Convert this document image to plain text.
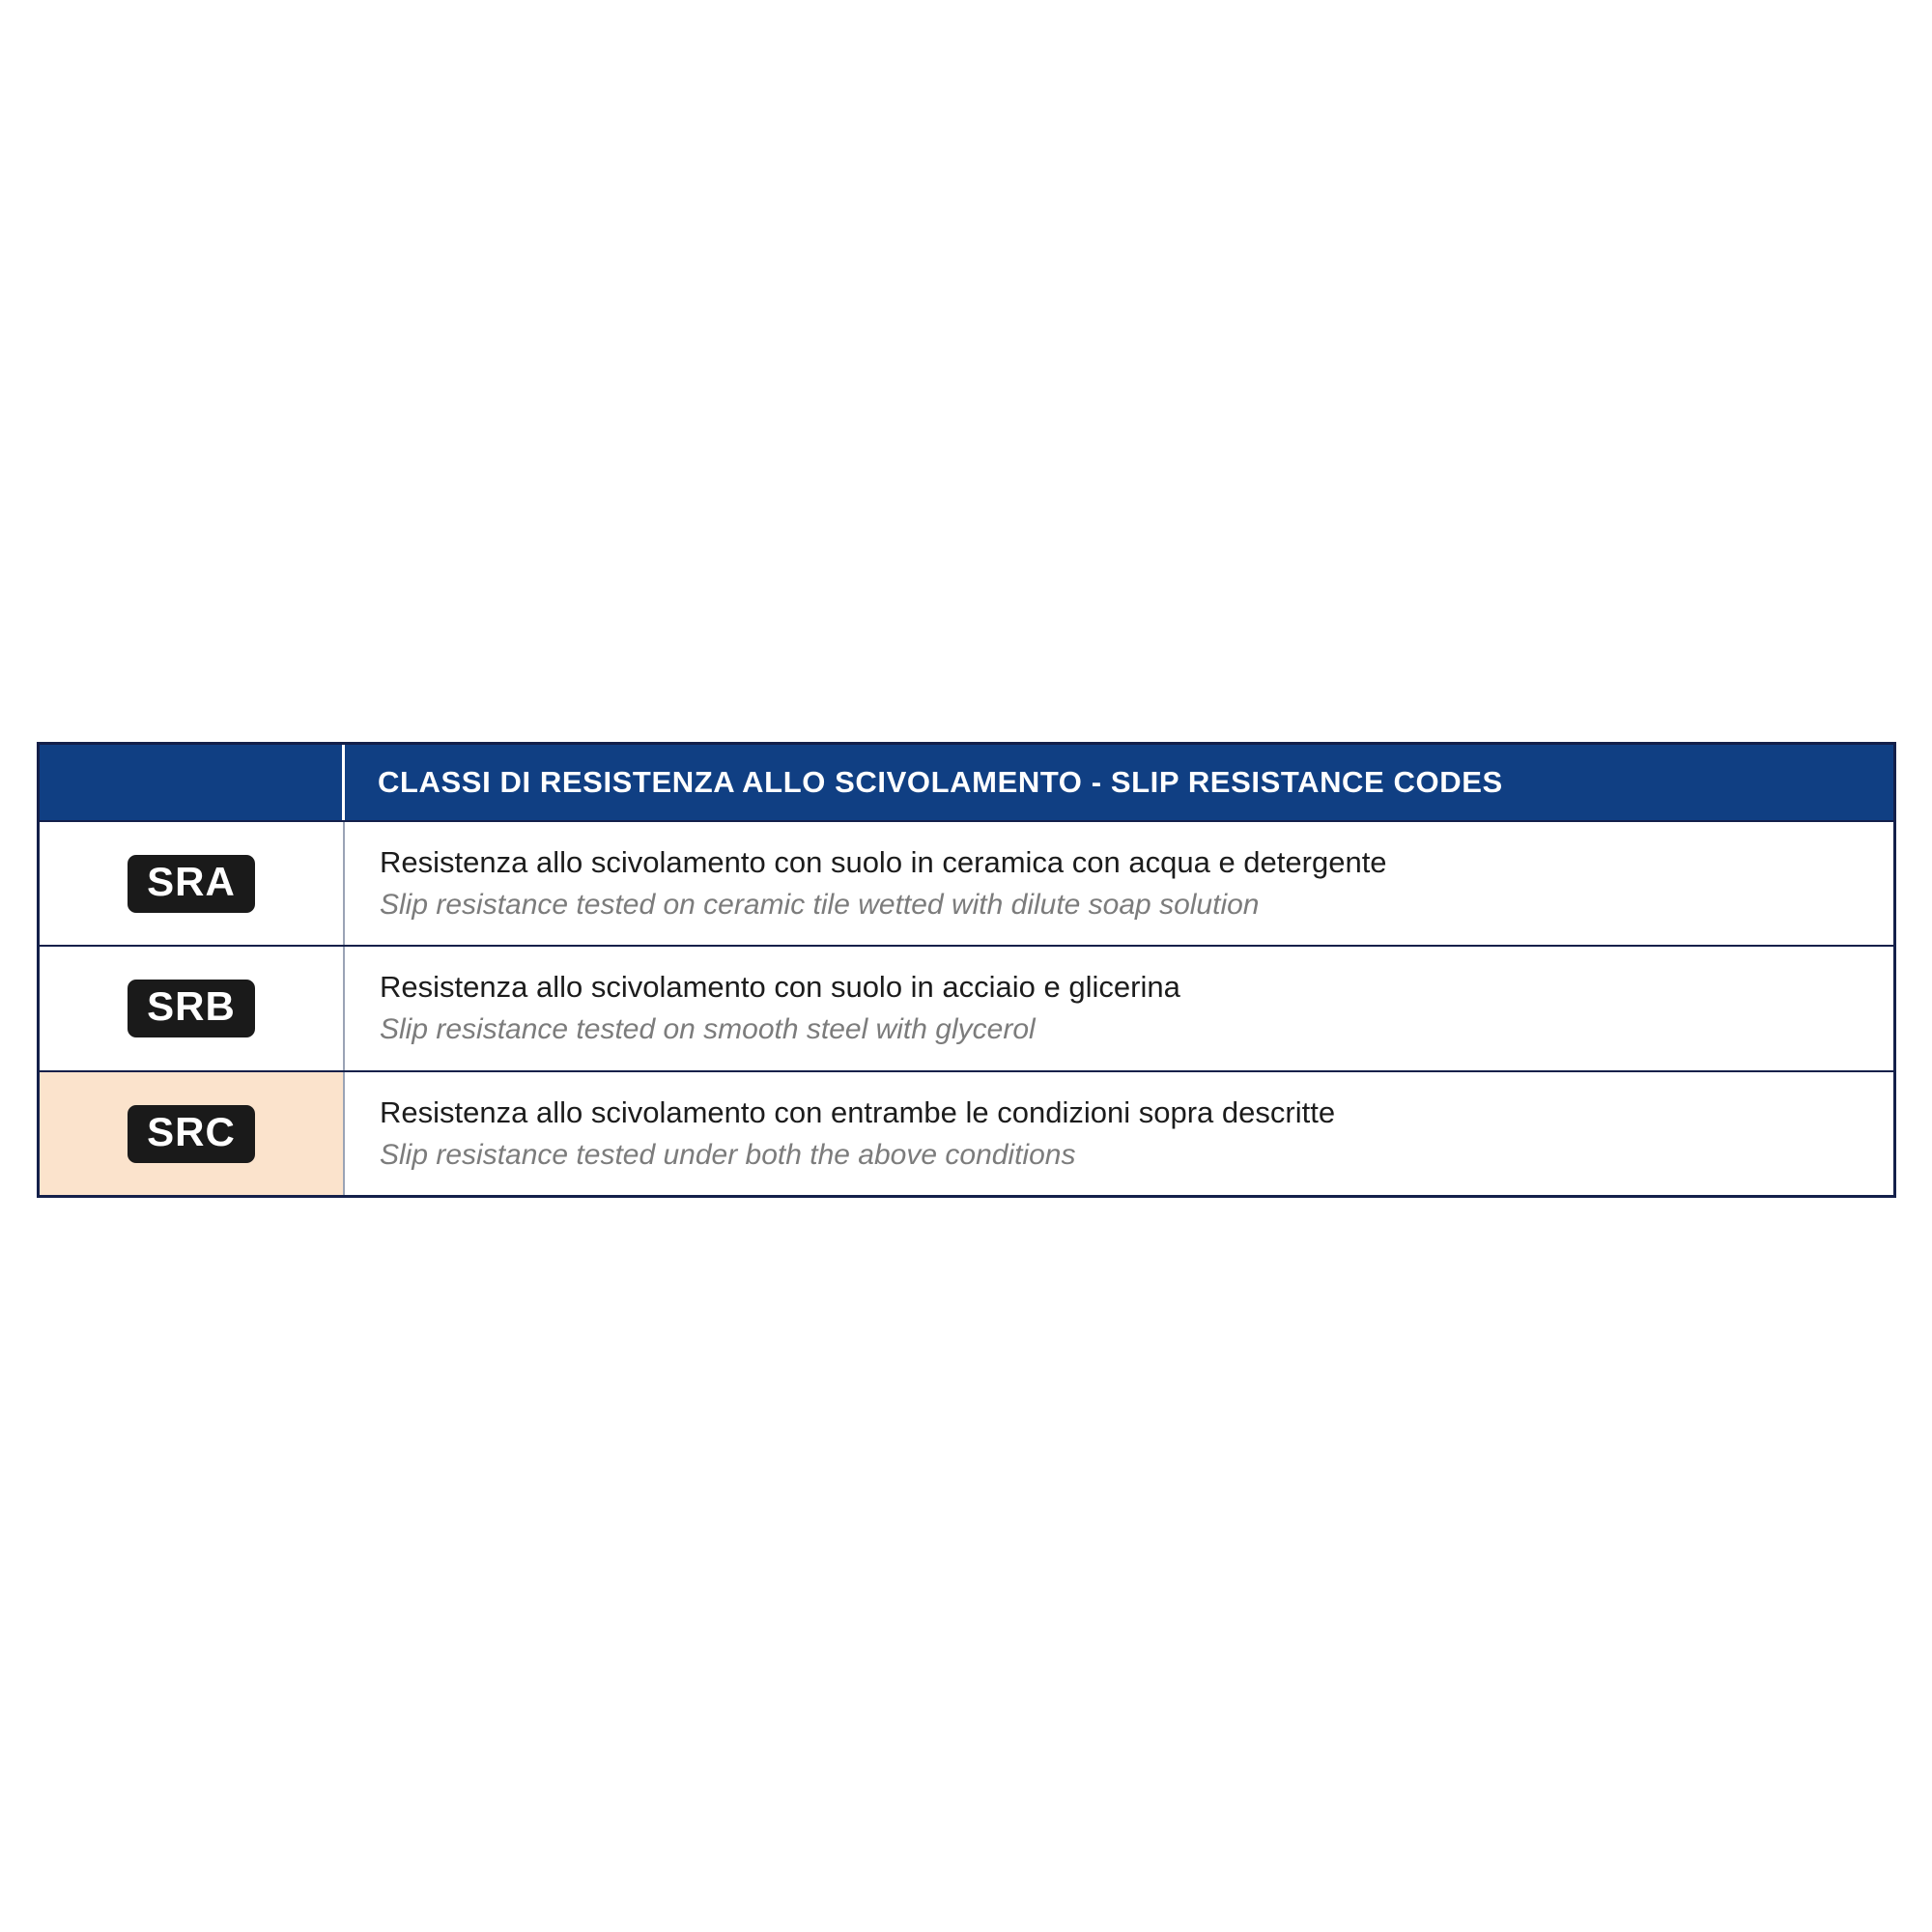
CLASSI DI RESISTENZA ALLO SCIVOLAMENTO - SLIP RESISTANCE CODES
SRA	Resistenza allo scivolamento con suolo in ceramica con acqua e detergente
Slip resistance tested on ceramic tile wetted with dilute soap solution
SRB	Resistenza allo scivolamento con suolo in acciaio e glicerina
Slip resistance tested on smooth steel with glycerol
SRC	Resistenza allo scivolamento con entrambe le condizioni sopra descritte
Slip resistance tested under both the above conditions
